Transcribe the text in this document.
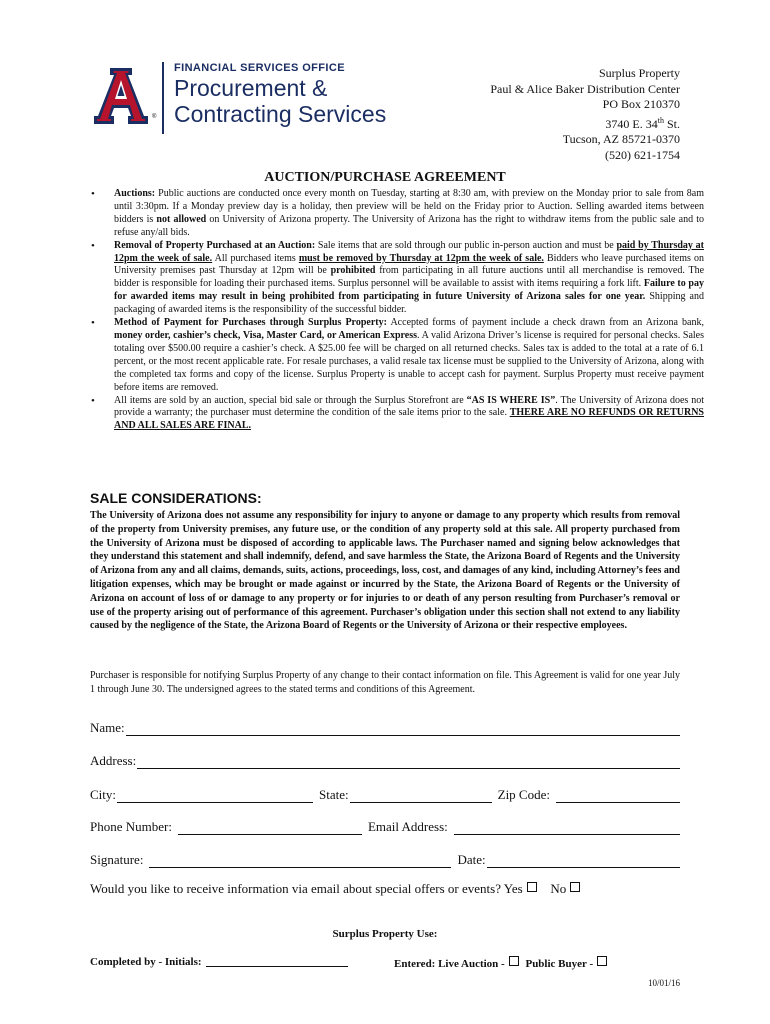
®
FINANCIAL SERVICES OFFICE
Procurement &
Contracting Services
Surplus Property
Paul & Alice Baker Distribution Center
PO Box 210370
3740 E. 34th St.
Tucson, AZ 85721-0370
(520) 621-1754
AUCTION/PURCHASE AGREEMENT
• Auctions: Public auctions are conducted once every month on Tuesday, starting at 8:30 am, with preview on the Monday prior to sale from 8am until 3:30pm. If a Monday preview day is a holiday, then preview will be held on the Friday prior to Auction. Selling awarded items between bidders is not allowed on University of Arizona property. The University of Arizona has the right to withdraw items from the public sale and to refuse any/all bids.
• Removal of Property Purchased at an Auction: Sale items that are sold through our public in-person auction and must be paid by Thursday at 12pm the week of sale. All purchased items must be removed by Thursday at 12pm the week of sale. Bidders who leave purchased items on University premises past Thursday at 12pm will be prohibited from participating in all future auctions until all merchandise is removed. The bidder is responsible for loading their purchased items. Surplus personnel will be available to assist with items requiring a fork lift. Failure to pay for awarded items may result in being prohibited from participating in future University of Arizona sales for one year. Shipping and packaging of awarded items is the responsibility of the successful bidder.
• Method of Payment for Purchases through Surplus Property: Accepted forms of payment include a check drawn from an Arizona bank, money order, cashier’s check, Visa, Master Card, or American Express. A valid Arizona Driver’s license is required for personal checks. Sales totaling over $500.00 require a cashier’s check. A $25.00 fee will be charged on all returned checks. Sales tax is added to the total at a rate of 6.1 percent, or the most recent applicable rate. For resale purchases, a valid resale tax license must be supplied to the University of Arizona, along with the completed tax forms and copy of the license. Surplus Property is unable to accept cash for payment. Surplus Property must receive payment before items are removed.
• All items are sold by an auction, special bid sale or through the Surplus Storefront are “AS IS WHERE IS”. The University of Arizona does not provide a warranty; the purchaser must determine the condition of the sale items prior to the sale. THERE ARE NO REFUNDS OR RETURNS AND ALL SALES ARE FINAL.
SALE CONSIDERATIONS:
The University of Arizona does not assume any responsibility for injury to anyone or damage to any property which results from removal of the property from University premises, any future use, or the condition of any property sold at this sale. All property purchased from the University of Arizona must be disposed of according to applicable laws. The Purchaser named and signing below acknowledges that they understand this statement and shall indemnify, defend, and save harmless the State, the Arizona Board of Regents and the University of Arizona from any and all claims, demands, suits, actions, proceedings, loss, cost, and damages of any kind, including Attorney’s fees and litigation expenses, which may be brought or made against or incurred by the State, the Arizona Board of Regents or the University of Arizona on account of loss of or damage to any property or for injuries to or death of any person resulting from Purchaser’s removal or use of the property arising out of performance of this agreement. Purchaser’s obligation under this section shall not extend to any liability caused by the negligence of the State, the Arizona Board of Regents or the University of Arizona or their respective employees.
Purchaser is responsible for notifying Surplus Property of any change to their contact information on file. This Agreement is valid for one year July 1 through June 30. The undersigned agrees to the stated terms and conditions of this Agreement.
Name:
Address:
City:	State:	Zip Code:
Phone Number:	Email Address:
Signature:	Date:
Would you like to receive information via email about special offers or events? Yes No
Surplus Property Use:
Completed by - Initials:	Entered: Live Auction - Public Buyer -
10/01/16
